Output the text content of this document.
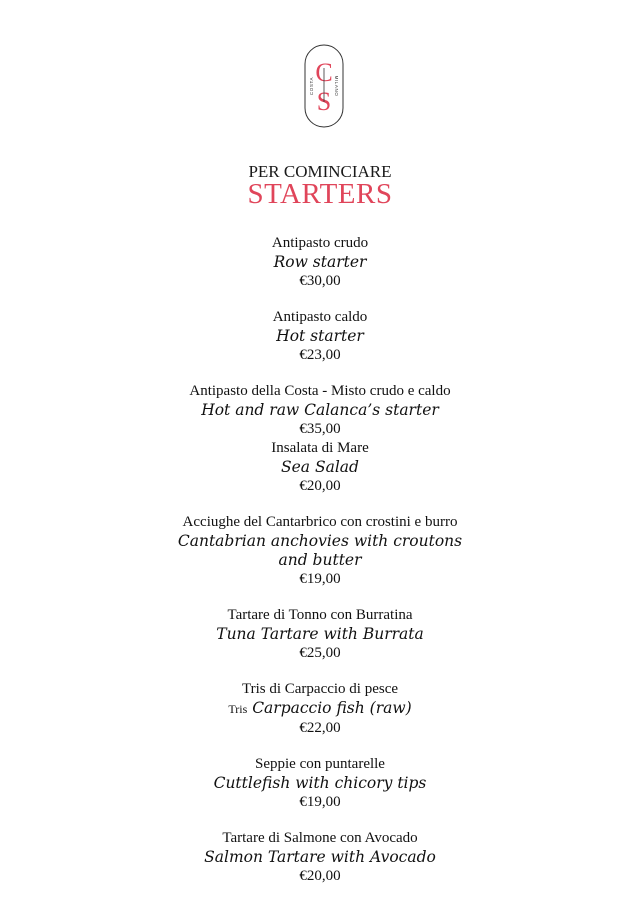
C
S
COSTA	MILANO
PER COMINCIARE
STARTERS
Antipasto crudo
Row starter
€30,00
Antipasto caldo
Hot starter
€23,00
Antipasto della Costa - Misto crudo e caldo
Hot and raw Calanca’s starter
€35,00
Insalata di Mare
Sea Salad
€20,00
Acciughe del Cantarbrico con crostini e burro
Cantabrian anchovies with croutons and butter
€19,00
Tartare di Tonno con Burratina
Tuna Tartare with Burrata
€25,00
Tris di Carpaccio di pesce
Tris Carpaccio fish (raw)
€22,00
Seppie con puntarelle
Cuttlefish with chicory tips
€19,00
Tartare di Salmone con Avocado
Salmon Tartare with Avocado
€20,00
